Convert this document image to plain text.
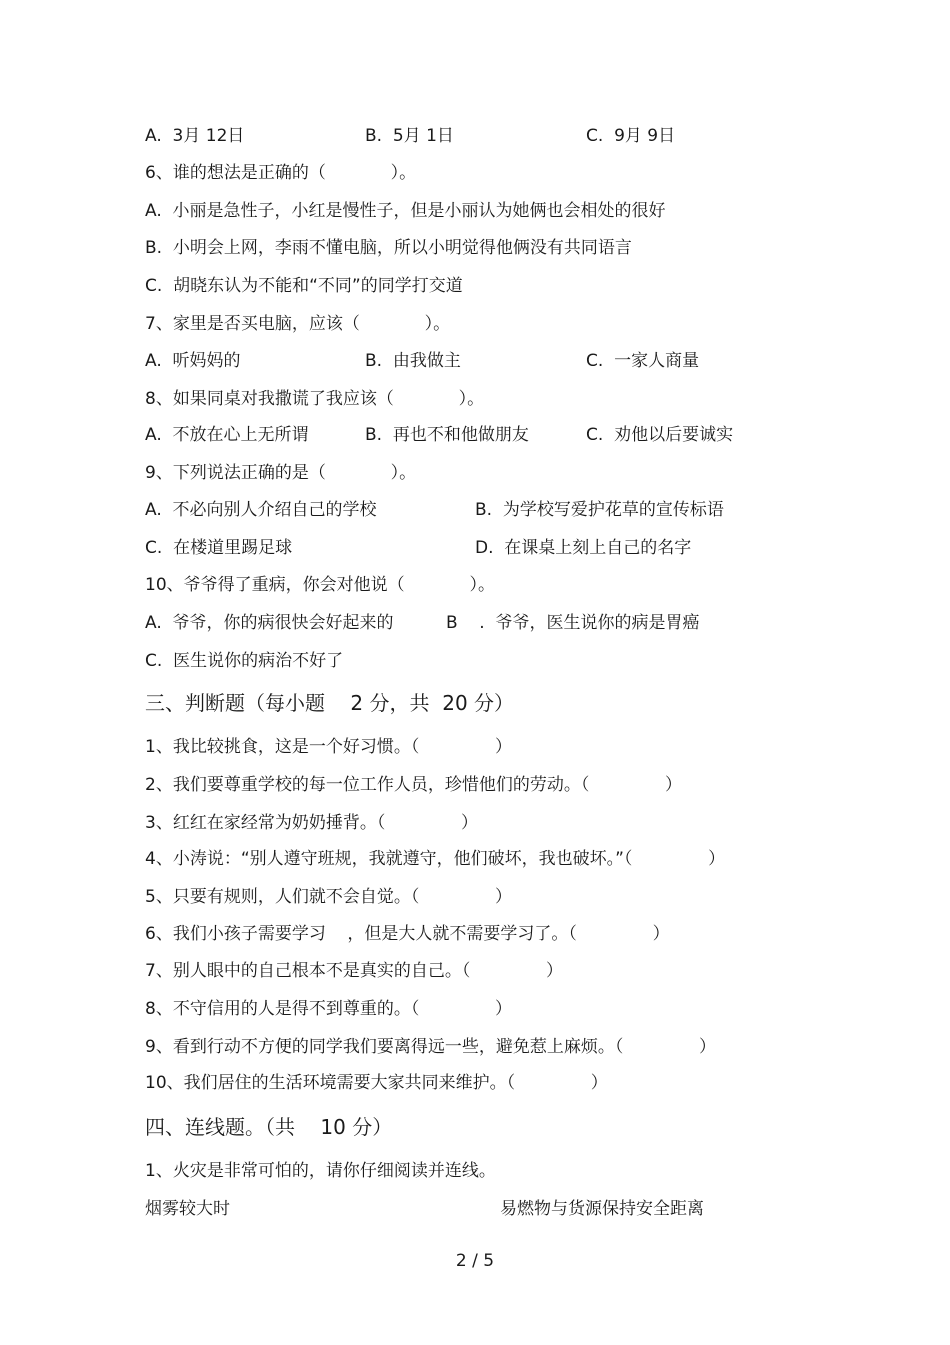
A.  3月 12日	B.  5月 1日	C.  9月 9日
6、谁的想法是正确的（            ）。
A.  小丽是急性子，小红是慢性子，但是小丽认为她俩也会相处的很好
B.  小明会上网，李雨不懂电脑，所以小明觉得他俩没有共同语言
C.  胡晓东认为不能和“不同”的同学打交道
7、家里是否买电脑，应该（            ）。
A.  听妈妈的	B.  由我做主	C.  一家人商量
8、如果同桌对我撒谎了我应该（            ）。
A.  不放在心上无所谓	B.  再也不和他做朋友	C.  劝他以后要诚实
9、下列说法正确的是（            ）。
A.  不必向别人介绍自己的学校	B.  为学校写爱护花草的宣传标语
C.  在楼道里踢足球	D.  在课桌上刻上自己的名字
10、爷爷得了重病，你会对他说（            ）。
A.  爷爷，你的病很快会好起来的	B    .  爷爷，医生说你的病是胃癌
C.  医生说你的病治不好了
三、判断题（每小题    2 分，共  20 分）
1、我比较挑食，这是一个好习惯。（              ）
2、我们要尊重学校的每一位工作人员，珍惜他们的劳动。（              ）
3、红红在家经常为奶奶捶背。（              ）
4、小涛说：“别人遵守班规，我就遵守，他们破坏，我也破坏。”（              ）
5、只要有规则，人们就不会自觉。（              ）
6、我们小孩子需要学习    ，但是大人就不需要学习了。（              ）
7、别人眼中的自己根本不是真实的自己。（              ）
8、不守信用的人是得不到尊重的。（              ）
9、看到行动不方便的同学我们要离得远一些，避免惹上麻烦。（              ）
10、我们居住的生活环境需要大家共同来维护。（              ）
四、连线题。（共    10 分）
1、火灾是非常可怕的，请你仔细阅读并连线。
烟雾较大时	易燃物与货源保持安全距离
2 / 5
